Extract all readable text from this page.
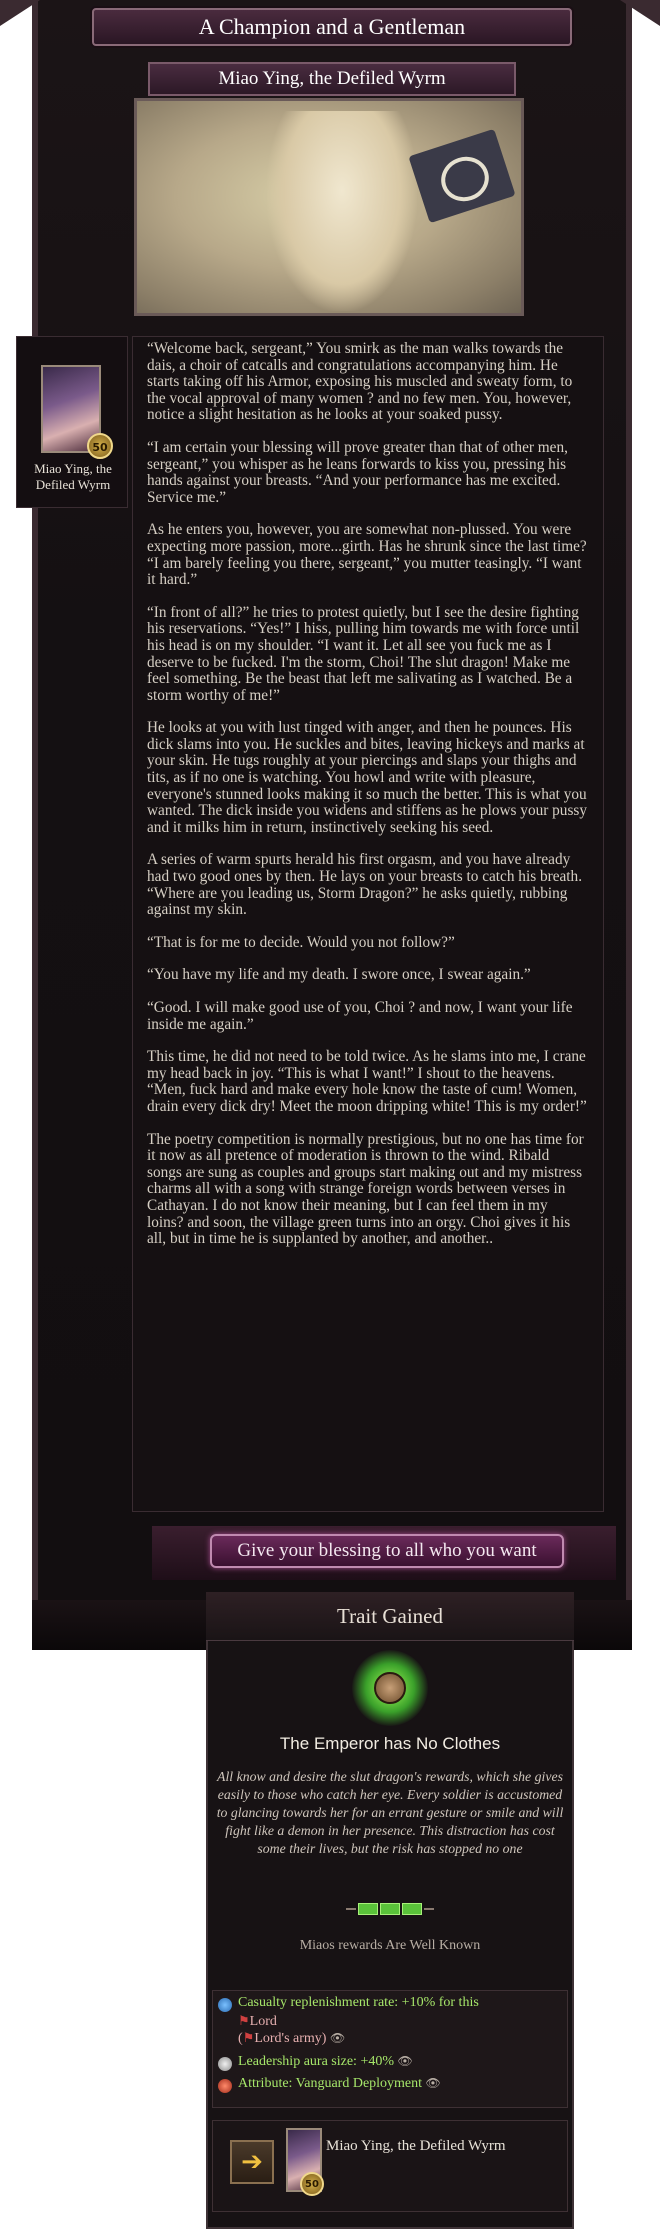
A Champion and a Gentleman
Miao Ying, the Defiled Wyrm
50
Miao Ying, the Defiled Wyrm

“Welcome back, sergeant,” You smirk as the man walks towards the dais, a choir of catcalls and congratulations accompanying him. He starts taking off his Armor, exposing his muscled and sweaty form, to the vocal approval of many women ? and no few men. You, however, notice a slight hesitation as he looks at your soaked pussy.

“I am certain your blessing will prove greater than that of other men, sergeant,” you whisper as he leans forwards to kiss you, pressing his hands against your breasts. “And your performance has me excited. Service me.”

As he enters you, however, you are somewhat non-plussed. You were expecting more passion, more...girth. Has he shrunk since the last time? “I am barely feeling you there, sergeant,” you mutter teasingly. “I want it hard.”

“In front of all?” he tries to protest quietly, but I see the desire fighting his reservations. “Yes!” I hiss, pulling him towards me with force until his head is on my shoulder. “I want it. Let all see you fuck me as I deserve to be fucked. I'm the storm, Choi! The slut dragon! Make me feel something. Be the beast that left me salivating as I watched. Be a storm worthy of me!”

He looks at you with lust tinged with anger, and then he pounces. His dick slams into you. He suckles and bites, leaving hickeys and marks at your skin. He tugs roughly at your piercings and slaps your thighs and tits, as if no one is watching. You howl and write with pleasure, everyone's stunned looks making it so much the better. This is what you wanted. The dick inside you widens and stiffens as he plows your pussy and it milks him in return, instinctively seeking his seed.

A series of warm spurts herald his first orgasm, and you have already had two good ones by then. He lays on your breasts to catch his breath. “Where are you leading us, Storm Dragon?” he asks quietly, rubbing against my skin.

“That is for me to decide. Would you not follow?”

“You have my life and my death. I swore once, I swear again.”

“Good. I will make good use of you, Choi ? and now, I want your life inside me again.”

This time, he did not need to be told twice. As he slams into me, I crane my head back in joy. “This is what I want!” I shout to the heavens. “Men, fuck hard and make every hole know the taste of cum! Women, drain every dick dry! Meet the moon dripping white! This is my order!”

The poetry competition is normally prestigious, but no one has time for it now as all pretence of moderation is thrown to the wind. Ribald songs are sung as couples and groups start making out and my mistress charms all with a song with strange foreign words between verses in Cathayan. I do not know their meaning, but I can feel them in my loins? and soon, the village green turns into an orgy. Choi gives it his all, but in time he is supplanted by another, and another..

Give your blessing to all who you want
Trait Gained
The Emperor has No Clothes
All know and desire the slut dragon's rewards, which she gives easily to those who catch her eye. Every soldier is accustomed to glancing towards her for an errant gesture or smile and will fight like a demon in her presence. This distraction has cost some their lives, but the risk has stopped no one
Miaos rewards Are Well Known
Casualty replenishment rate: +10% for this
⚑Lord
(⚑Lord's army) 👁
Leadership aura size: +40% 👁
Attribute: Vanguard Deployment 👁
➔
50
Miao Ying, the Defiled Wyrm
